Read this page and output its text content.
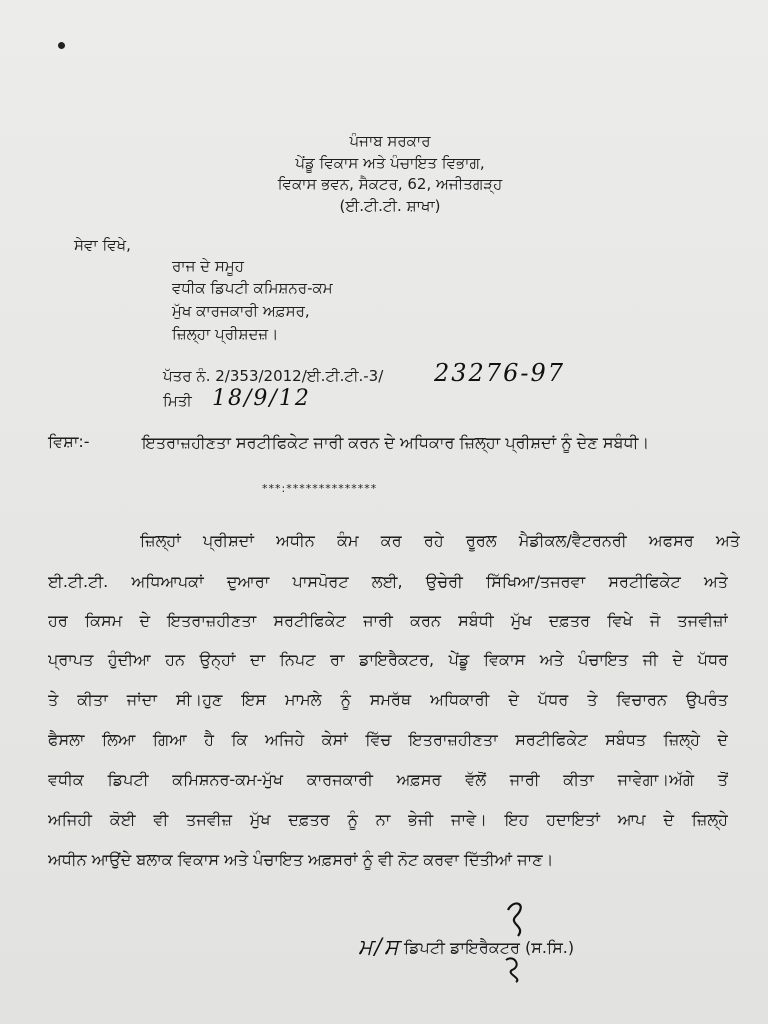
ਪੰਜਾਬ ਸਰਕਾਰ
ਪੇਂਡੂ ਵਿਕਾਸ ਅਤੇ ਪੰਚਾਇਤ ਵਿਭਾਗ,
ਵਿਕਾਸ ਭਵਨ, ਸੈਕਟਰ, 62, ਅਜੀਤਗੜ੍ਹ
(ਈ.ਟੀ.ਟੀ. ਸ਼ਾਖਾ)
ਸੇਵਾ ਵਿਖੇ,
ਰਾਜ ਦੇ ਸਮੂਹ
ਵਧੀਕ ਡਿਪਟੀ ਕਮਿਸ਼ਨਰ-ਕਮ
ਮੁੱਖ ਕਾਰਜਕਾਰੀ ਅਫ਼ਸਰ,
ਜ਼ਿਲ੍ਹਾ ਪ੍ਰੀਸ਼ਦਜ਼।
ਪੱਤਰ ਨੰ. 2/353/2012/ਈ.ਟੀ.ਟੀ.-3/ 23276-97
ਮਿਤੀ 18/9/12
ਵਿਸ਼ਾ:-	ਇਤਰਾਜ਼ਹੀਣਤਾ ਸਰਟੀਫਿਕੇਟ ਜਾਰੀ ਕਰਨ ਦੇ ਅਧਿਕਾਰ ਜ਼ਿਲ੍ਹਾ ਪ੍ਰੀਸ਼ਦਾਂ ਨੂੰ ਦੇਣ ਸਬੰਧੀ।
***:**************
ਜ਼ਿਲ੍ਹਾਂ ਪ੍ਰੀਸ਼ਦਾਂ ਅਧੀਨ ਕੰਮ ਕਰ ਰਹੇ ਰੂਰਲ ਮੈਡੀਕਲ/ਵੈਟਰਨਰੀ ਅਫਸਰ ਅਤੇ
ਈ.ਟੀ.ਟੀ. ਅਧਿਆਪਕਾਂ ਦੁਆਰਾ ਪਾਸਪੋਰਟ ਲਈ, ਉਚੇਰੀ ਸਿੱਖਿਆ/ਤਜਰਵਾ ਸਰਟੀਫਿਕੇਟ ਅਤੇ
ਹਰ ਕਿਸਮ ਦੇ ਇਤਰਾਜ਼ਹੀਣਤਾ ਸਰਟੀਫਿਕੇਟ ਜਾਰੀ ਕਰਨ ਸਬੰਧੀ ਮੁੱਖ ਦਫ਼ਤਰ ਵਿਖੇ ਜੋ ਤਜਵੀਜ਼ਾਂ
ਪ੍ਰਾਪਤ ਹੁੰਦੀਆ ਹਨ ਉਨ੍ਹਾਂ ਦਾ ਨਿਪਟ ਰਾ ਡਾਇਰੈਕਟਰ, ਪੇਂਡੂ ਵਿਕਾਸ ਅਤੇ ਪੰਚਾਇਤ ਜੀ ਦੇ ਪੱਧਰ
ਤੇ ਕੀਤਾ ਜਾਂਦਾ ਸੀ।ਹੁਣ ਇਸ ਮਾਮਲੇ ਨੂੰ ਸਮਰੱਥ ਅਧਿਕਾਰੀ ਦੇ ਪੱਧਰ ਤੇ ਵਿਚਾਰਨ ਉਪਰੰਤ
ਫੈਸਲਾ ਲਿਆ ਗਿਆ ਹੈ ਕਿ ਅਜਿਹੇ ਕੇਸਾਂ ਵਿੱਚ ਇਤਰਾਜ਼ਹੀਣਤਾ ਸਰਟੀਫਿਕੇਟ ਸਬੰਧਤ ਜ਼ਿਲ੍ਹੇ ਦੇ
ਵਧੀਕ ਡਿਪਟੀ ਕਮਿਸ਼ਨਰ-ਕਮ-ਮੁੱਖ ਕਾਰਜਕਾਰੀ ਅਫ਼ਸਰ ਵੱਲੋਂ ਜਾਰੀ ਕੀਤਾ ਜਾਵੇਗਾ।ਅੱਗੇ ਤੋਂ
ਅਜਿਹੀ ਕੋਈ ਵੀ ਤਜਵੀਜ਼ ਮੁੱਖ ਦਫ਼ਤਰ ਨੂੰ ਨਾ ਭੇਜੀ ਜਾਵੇ। ਇਹ ਹਦਾਇਤਾਂ ਆਪ ਦੇ ਜ਼ਿਲ੍ਹੇ
ਅਧੀਨ ਆਉਂਦੇ ਬਲਾਕ ਵਿਕਾਸ ਅਤੇ ਪੰਚਾਇਤ ਅਫ਼ਸਰਾਂ ਨੂੰ ਵੀ ਨੋਟ ਕਰਵਾ ਦਿੱਤੀਆਂ ਜਾਣ।
ਮ/ਸ ਡਿਪਟੀ ਡਾਇਰੈਕਟਰ (ਸ.ਸਿ.)
